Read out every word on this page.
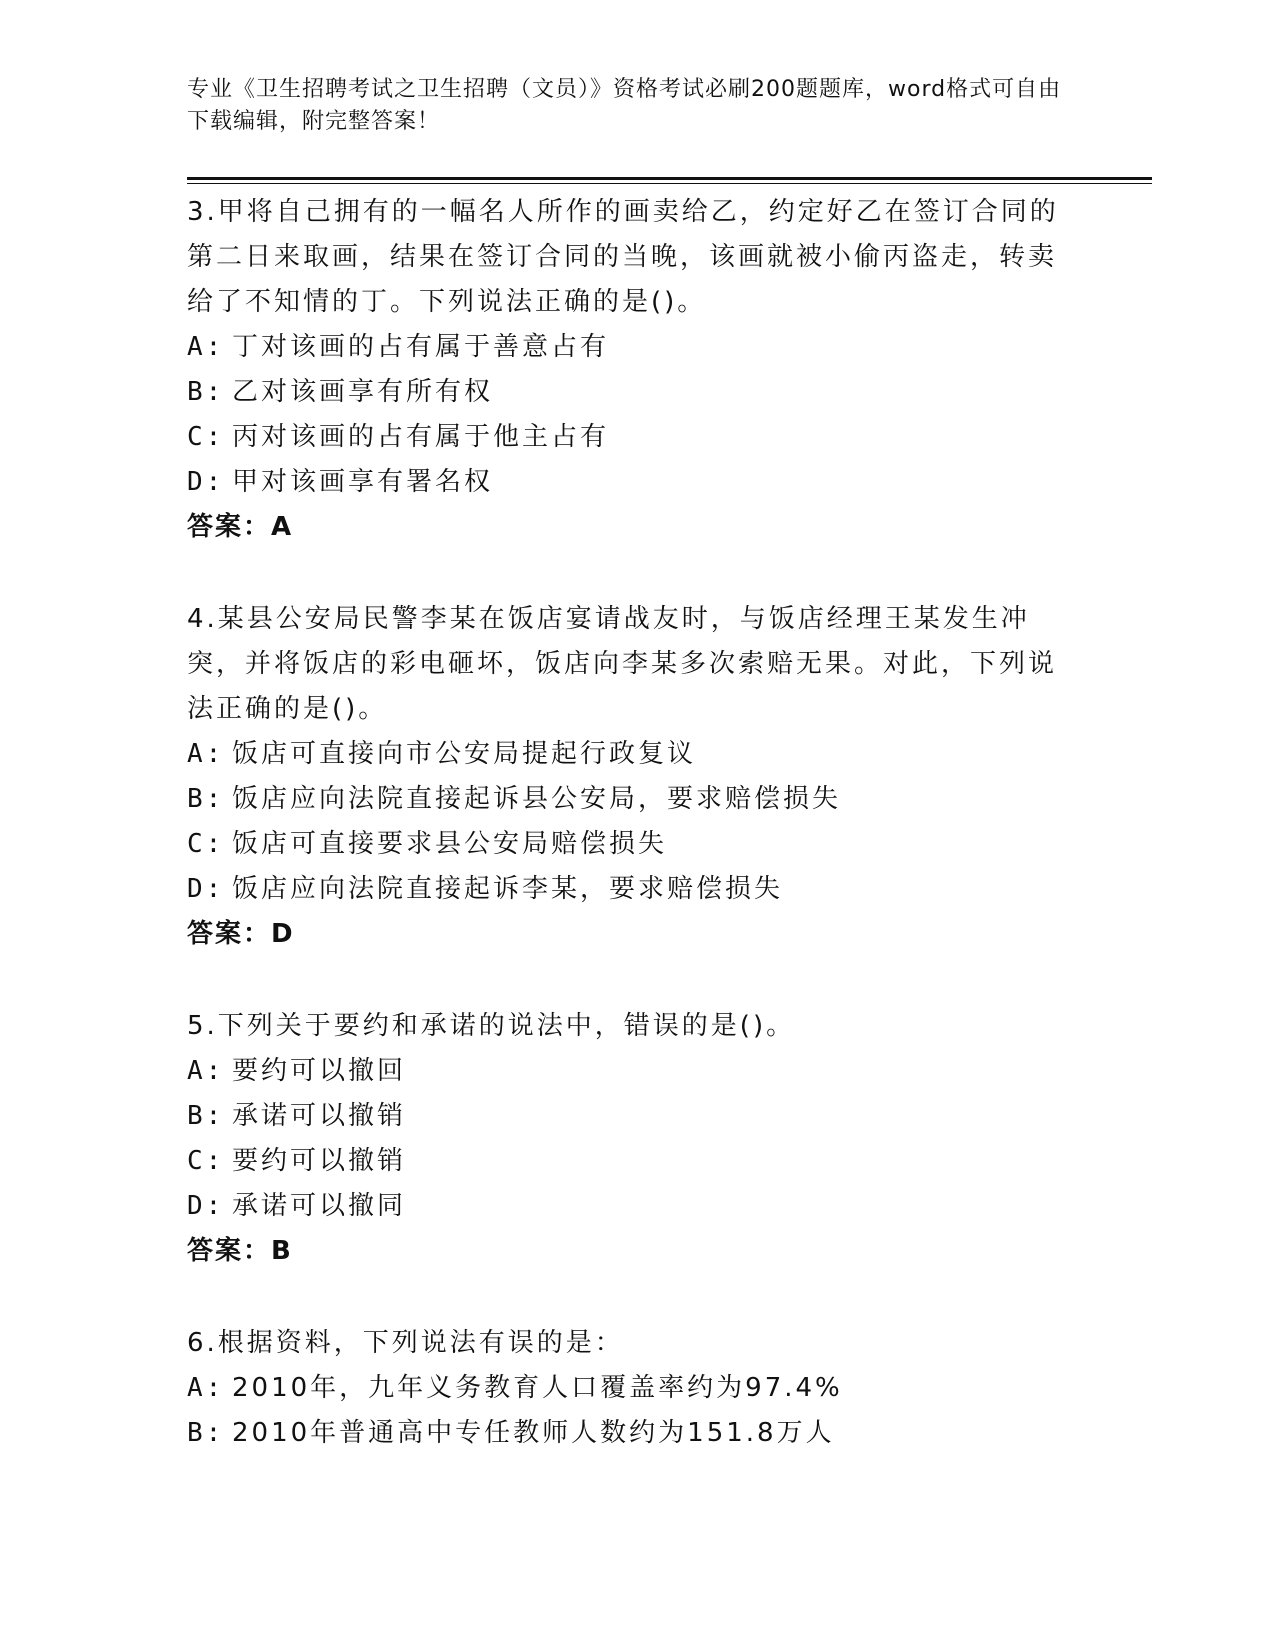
专业《卫生招聘考试之卫生招聘（文员）》资格考试必刷200题题库，word格式可自由下载编辑，附完整答案！
3.甲将自己拥有的一幅名人所作的画卖给乙，约定好乙在签订合同的第二日来取画，结果在签订合同的当晚，该画就被小偷丙盗走，转卖给了不知情的丁。下列说法正确的是()。
A: 丁对该画的占有属于善意占有
B: 乙对该画享有所有权
C: 丙对该画的占有属于他主占有
D: 甲对该画享有署名权
答案：A
4.某县公安局民警李某在饭店宴请战友时，与饭店经理王某发生冲突，并将饭店的彩电砸坏，饭店向李某多次索赔无果。对此，下列说法正确的是()。
A: 饭店可直接向市公安局提起行政复议
B: 饭店应向法院直接起诉县公安局，要求赔偿损失
C: 饭店可直接要求县公安局赔偿损失
D: 饭店应向法院直接起诉李某，要求赔偿损失
答案：D
5.下列关于要约和承诺的说法中，错误的是()。
A: 要约可以撤回
B: 承诺可以撤销
C: 要约可以撤销
D: 承诺可以撤同
答案：B
6.根据资料，下列说法有误的是：
A: 2010年，九年义务教育人口覆盖率约为97.4%
B: 2010年普通高中专任教师人数约为151.8万人
